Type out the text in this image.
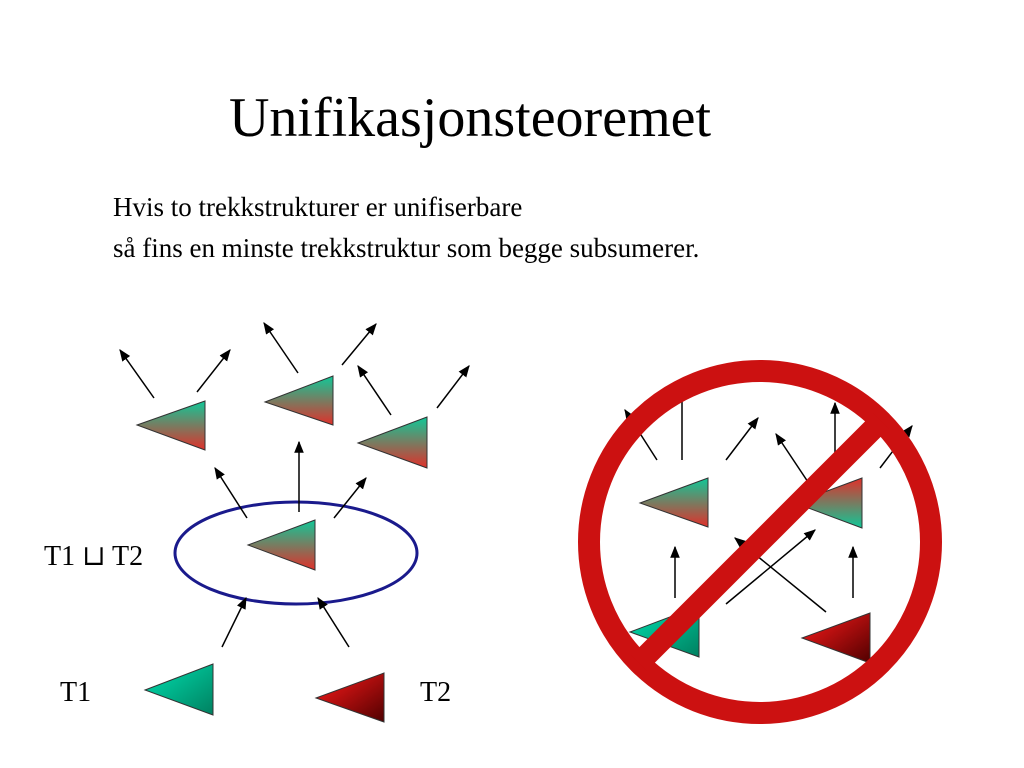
Unifikasjonsteoremet
Hvis to trekkstrukturer er unifiserbare
så fins en minste trekkstruktur som begge subsumerer.
T1 ⊔ T2
T1	T2
